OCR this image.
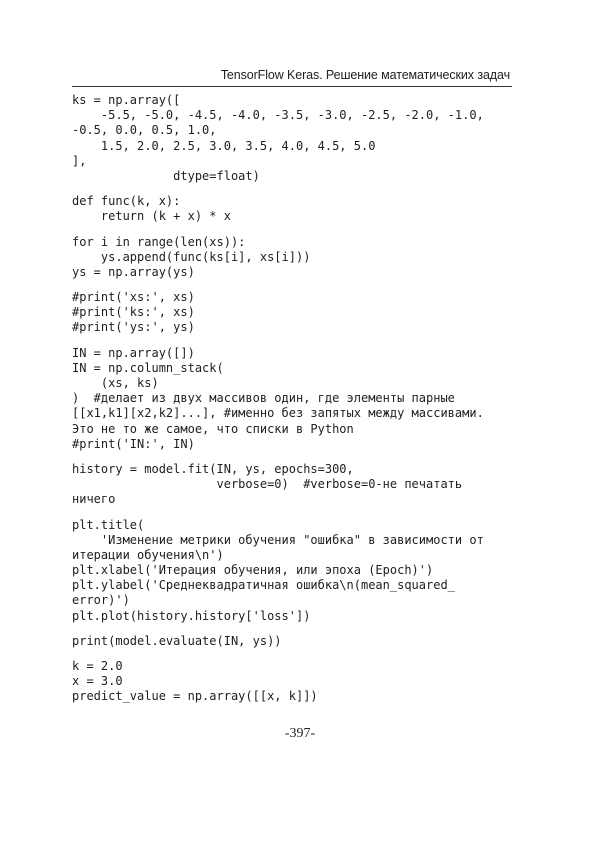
TensorFlow Keras. Решение математических задач
ks = np.array([
-5.5, -5.0, -4.5, -4.0, -3.5, -3.0, -2.5, -2.0, -1.0,
-0.5, 0.0, 0.5, 1.0,
1.5, 2.0, 2.5, 3.0, 3.5, 4.0, 4.5, 5.0
],
dtype=float)
def func(k, x):
return (k + x) * x
for i in range(len(xs)):
ys.append(func(ks[i], xs[i]))
ys = np.array(ys)
#print('xs:', xs)
#print('ks:', xs)
#print('ys:', ys)
IN = np.array([])
IN = np.column_stack(
(xs, ks)
)  #делает из двух массивов один, где элементы парные
[[x1,k1][x2,k2]...], #именно без запятых между массивами.
Это не то же самое, что списки в Python
#print('IN:', IN)
history = model.fit(IN, ys, epochs=300,
verbose=0)  #verbose=0-не печатать
ничего
plt.title(
'Изменение метрики обучения "ошибка" в зависимости от
итерации обучения\n')
plt.xlabel('Итерация обучения, или эпоха (Epoch)')
plt.ylabel('Среднеквадратичная ошибка\n(mean_squared_
error)')
plt.plot(history.history['loss'])
print(model.evaluate(IN, ys))
k = 2.0
x = 3.0
predict_value = np.array([[x, k]])
-397-
